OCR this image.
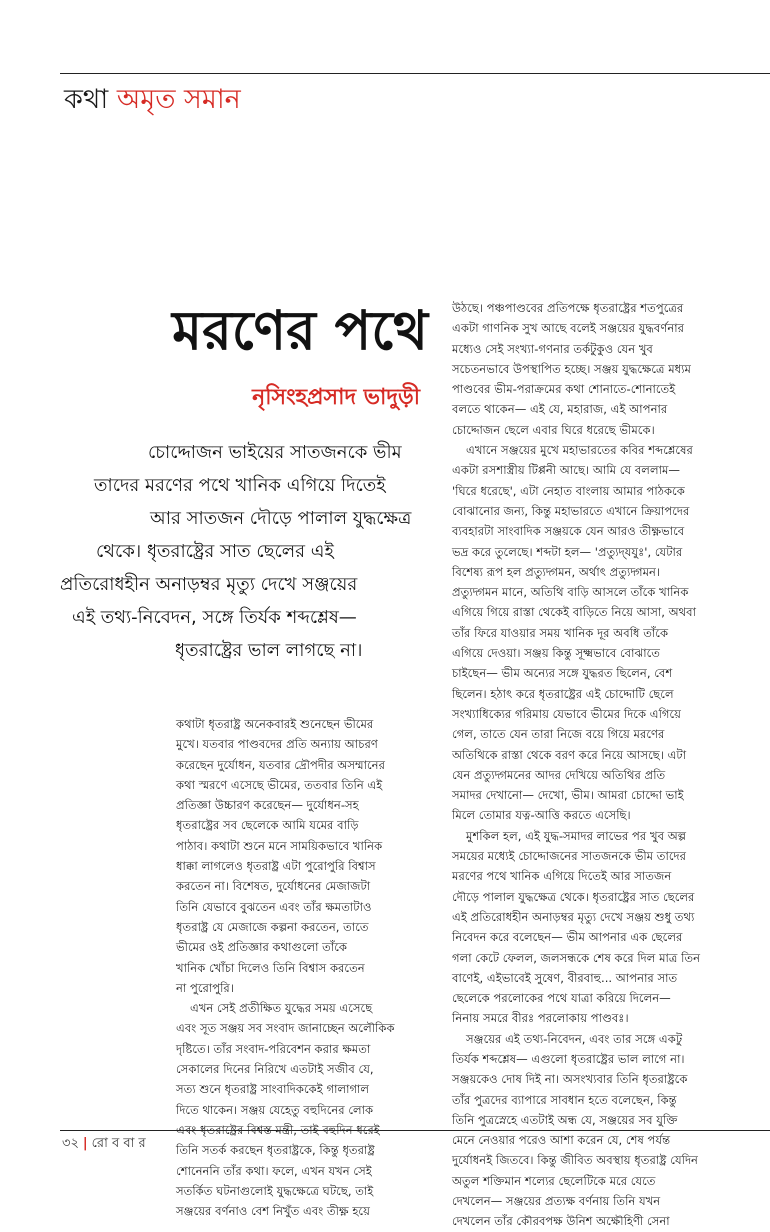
কথা অমৃত সমান
মরণের পথে
নৃসিংহপ্রসাদ ভাদুড়ী
চোদ্দোজন ভাইয়ের সাতজনকে ভীম
তাদের মরণের পথে খানিক এগিয়ে দিতেই
আর সাতজন দৌড়ে পালাল যুদ্ধক্ষেত্র
থেকে। ধৃতরাষ্ট্রের সাত ছেলের এই
প্রতিরোধহীন অনাড়ম্বর মৃত্যু দেখে সঞ্জয়ের
এই তথ্য-নিবেদন, সঙ্গে তির্যক শব্দশ্লেষ—
ধৃতরাষ্ট্রের ভাল লাগছে না।
কথাটা ধৃতরাষ্ট্র অনেকবারই শুনেছেন ভীমের
মুখে। যতবার পাণ্ডবদের প্রতি অন্যায় আচরণ
করেছেন দুর্যোধন, যতবার দ্রৌপদীর অসম্মানের
কথা স্মরণে এসেছে ভীমের, ততবার তিনি এই
প্রতিজ্ঞা উচ্চারণ করেছেন— দুর্যোধন-সহ
ধৃতরাষ্ট্রের সব ছেলেকে আমি যমের বাড়ি
পাঠাব। কথাটা শুনে মনে সাময়িকভাবে খানিক
ধাক্কা লাগলেও ধৃতরাষ্ট্র এটা পুরোপুরি বিশ্বাস
করতেন না। বিশেষত, দুর্যোধনের মেজাজটা
তিনি যেভাবে বুঝতেন এবং তাঁর ক্ষমতাটাও
ধৃতরাষ্ট্র যে মেজাজে কল্পনা করতেন, তাতে
ভীমের ওই প্রতিজ্ঞার কথাগুলো তাঁকে
খানিক খোঁচা দিলেও তিনি বিশ্বাস করতেন
না পুরোপুরি।
এখন সেই প্রতীক্ষিত যুদ্ধের সময় এসেছে
এবং সূত সঞ্জয় সব সংবাদ জানাচ্ছেন অলৌকিক
দৃষ্টিতে। তাঁর সংবাদ-পরিবেশন করার ক্ষমতা
সেকালের দিনের নিরিখে এতটাই সজীব যে,
সত্য শুনে ধৃতরাষ্ট্র সাংবাদিককেই গালাগাল
দিতে থাকেন। সঞ্জয় যেহেতু বহুদিনের লোক
এবং ধৃতরাষ্ট্রের বিশ্বস্ত মন্ত্রী, তাই বহুদিন ধরেই
তিনি সতর্ক করছেন ধৃতরাষ্ট্রকে, কিন্তু ধৃতরাষ্ট্র
শোনেননি তাঁর কথা। ফলে, এখন যখন সেই
সতর্কিত ঘটনাগুলোই যুদ্ধক্ষেত্রে ঘটছে, তাই
সঞ্জয়ের বর্ণনাও বেশ নিখুঁত এবং তীক্ষ্ণ হয়ে
উঠছে। পঞ্চপাণ্ডবের প্রতিপক্ষে ধৃতরাষ্ট্রের শতপুত্রের
একটা গাণনিক সুখ আছে বলেই সঞ্জয়ের যুদ্ধবর্ণনার
মধ্যেও সেই সংখ্যা-গণনার তর্কটুকুও যেন খুব
সচেতনভাবে উপস্থাপিত হচ্ছে। সঞ্জয় যুদ্ধক্ষেত্রে মধ্যম
পাণ্ডবের ভীম-পরাক্রমের কথা শোনাতে-শোনাতেই
বলতে থাকেন— এই যে, মহারাজ, এই আপনার
চোদ্দোজন ছেলে এবার ঘিরে ধরেছে ভীমকে।
এখানে সঞ্জয়ের মুখে মহাভারতের কবির শব্দশ্লেষের
একটা রসশাস্ত্রীয় টিপ্পনী আছে। আমি যে বললাম—
'ঘিরে ধরেছে', এটা নেহাত বাংলায় আমার পাঠককে
বোঝানোর জন্য, কিন্তু মহাভারতে এখানে ক্রিয়াপদের
ব্যবহারটা সাংবাদিক সঞ্জয়কে যেন আরও তীক্ষ্ণভাবে
ভদ্র করে তুলেছে। শব্দটা হল— 'প্রত্যুদ্‌যযুঃ', যেটার
বিশেষ্য রূপ হল প্রত্যুদ্গমন, অর্থাৎ প্রত্যুদ্গমন।
প্রত্যুদ্গমন মানে, অতিথি বাড়ি আসলে তাঁকে খানিক
এগিয়ে গিয়ে রাস্তা থেকেই বাড়িতে নিয়ে আসা, অথবা
তাঁর ফিরে যাওয়ার সময় খানিক দূর অবধি তাঁকে
এগিয়ে দেওয়া। সঞ্জয় কিন্তু সূক্ষ্মভাবে বোঝাতে
চাইছেন— ভীম অন্যের সঙ্গে যুদ্ধরত ছিলেন, বেশ
ছিলেন। হঠাৎ করে ধৃতরাষ্ট্রের এই চোদ্দোটি ছেলে
সংখ্যাধিক্যের গরিমায় যেভাবে ভীমের দিকে এগিয়ে
গেল, তাতে যেন তারা নিজে বয়ে গিয়ে মরণের
অতিথিকে রাস্তা থেকে বরণ করে নিয়ে আসছে। এটা
যেন প্রত্যুদ্গমনের আদর দেখিয়ে অতিথির প্রতি
সমাদর দেখানো— দেখো, ভীম। আমরা চোদ্দো ভাই
মিলে তোমার যত্ন-আত্তি করতে এসেছি।
মুশকিল হল, এই যুদ্ধ-সমাদর লাভের পর খুব অল্প
সময়ের মধ্যেই চোদ্দোজনের সাতজনকে ভীম তাদের
মরণের পথে খানিক এগিয়ে দিতেই আর সাতজন
দৌড়ে পালাল যুদ্ধক্ষেত্র থেকে। ধৃতরাষ্ট্রের সাত ছেলের
এই প্রতিরোধহীন অনাড়ম্বর মৃত্যু দেখে সঞ্জয় শুধু তথ্য
নিবেদন করে বলেছেন— ভীম আপনার এক ছেলের
গলা কেটে ফেলল, জলসন্ধকে শেষ করে দিল মাত্র তিন
বাণেই, এইভাবেই সুষেণ, বীরবাহু... আপনার সাত
ছেলেকে পরলোকের পথে যাত্রা করিয়ে দিলেন—
নিনায় সমরে বীরঃ পরলোকায় পাণ্ডবঃ।
সঞ্জয়ের এই তথ্য-নিবেদন, এবং তার সঙ্গে একটু
তির্যক শব্দশ্লেষ— এগুলো ধৃতরাষ্ট্রের ভাল লাগে না।
সঞ্জয়কেও দোষ দিই না। অসংখ্যবার তিনি ধৃতরাষ্ট্রকে
তাঁর পুত্রদের ব্যাপারে সাবধান হতে বলেছেন, কিন্তু
তিনি পুত্রস্নেহে এতটাই অন্ধ যে, সঞ্জয়ের সব যুক্তি
মেনে নেওয়ার পরেও আশা করেন যে, শেষ পর্যন্ত
দুর্যোধনই জিতবে। কিন্তু জীবিত অবস্থায় ধৃতরাষ্ট্র যেদিন
অতুল শক্তিমান শল্যের ছেলেটিকে মরে যেতে
দেখলেন— সঞ্জয়ের প্রত্যক্ষ বর্ণনায় তিনি যখন
দেখলেন তাঁর কৌরবপক্ষ উনিশ অক্ষৌহিণী সেনা
৩২ | রো ব বা র
